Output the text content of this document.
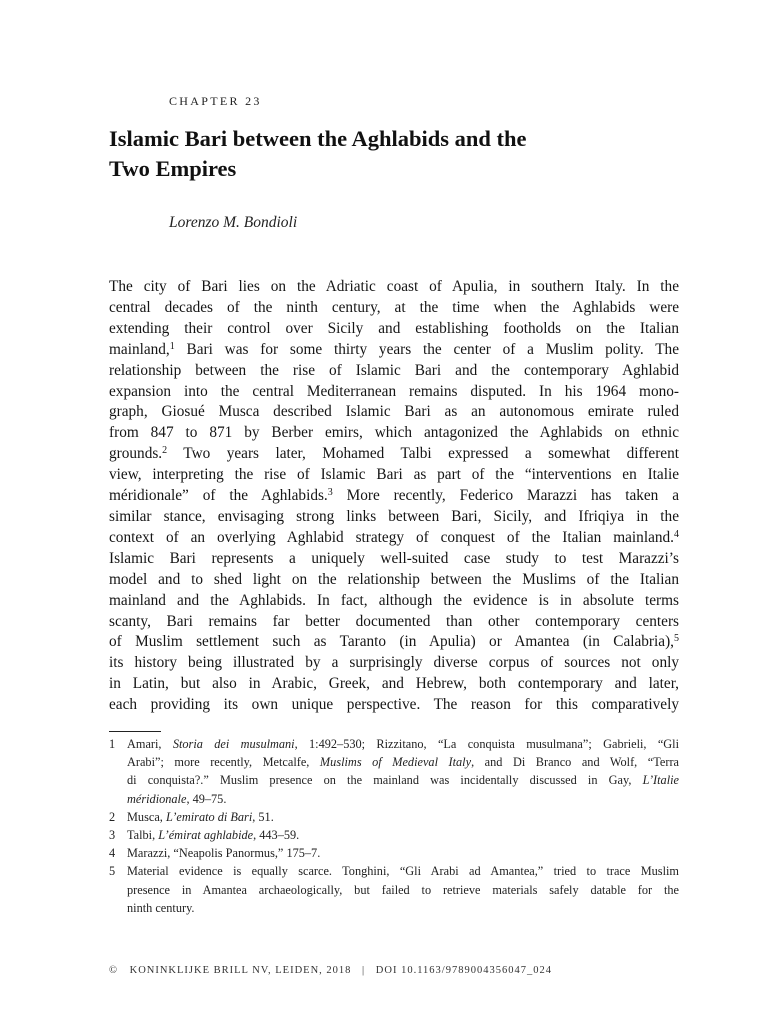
CHAPTER 23
Islamic Bari between the Aghlabids and the
Two Empires
Lorenzo M. Bondioli
The city of Bari lies on the Adriatic coast of Apulia, in southern Italy. In the
central decades of the ninth century, at the time when the Aghlabids were
extending their control over Sicily and establishing footholds on the Italian
mainland,$^1$ Bari was for some thirty years the center of a Muslim polity. The
relationship between the rise of Islamic Bari and the contemporary Aghlabid
expansion into the central Mediterranean remains disputed. In his 1964 mono-
graph, Giosué Musca described Islamic Bari as an autonomous emirate ruled
from 847 to 871 by Berber emirs, which antagonized the Aghlabids on ethnic
grounds.$^2$ Two years later, Mohamed Talbi expressed a somewhat different
view, interpreting the rise of Islamic Bari as part of the “interventions en Italie
méridionale” of the Aghlabids.$^3$ More recently, Federico Marazzi has taken a
similar stance, envisaging strong links between Bari, Sicily, and Ifriqiya in the
context of an overlying Aghlabid strategy of conquest of the Italian mainland.$^4$
Islamic Bari represents a uniquely well-suited case study to test Marazzi’s
model and to shed light on the relationship between the Muslims of the Italian
mainland and the Aghlabids. In fact, although the evidence is in absolute terms
scanty, Bari remains far better documented than other contemporary centers
of Muslim settlement such as Taranto (in Apulia) or Amantea (in Calabria),$^5$
its history being illustrated by a surprisingly diverse corpus of sources not only
in Latin, but also in Arabic, Greek, and Hebrew, both contemporary and later,
each providing its own unique perspective. The reason for this comparatively
1 Amari, Storia dei musulmani, 1:492–530; Rizzitano, “La conquista musulmana”; Gabrieli, “Gli
Arabi”; more recently, Metcalfe, Muslims of Medieval Italy, and Di Branco and Wolf, “Terra
di conquista?.” Muslim presence on the mainland was incidentally discussed in Gay, L’Italie
méridionale, 49–75.
2 Musca, L’emirato di Bari, 51.
3 Talbi, L’émirat aghlabide, 443–59.
4 Marazzi, “Neapolis Panormus,” 175–7.
5 Material evidence is equally scarce. Tonghini, “Gli Arabi ad Amantea,” tried to trace Muslim
presence in Amantea archaeologically, but failed to retrieve materials safely datable for the
ninth century.
© KONINKLIJKE BRILL NV, LEIDEN, 2018 | DOI 10.1163/9789004356047_024
